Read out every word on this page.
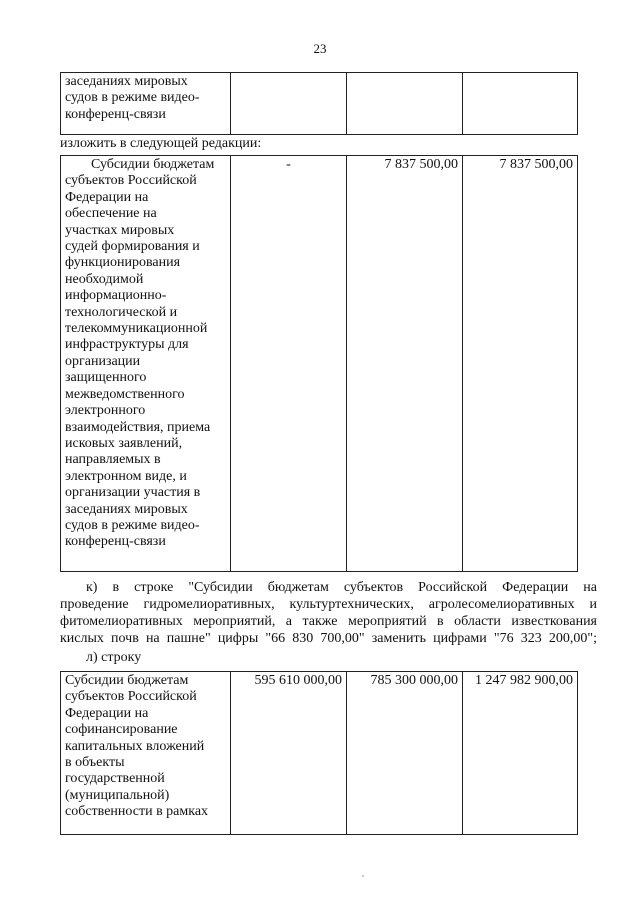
23
заседаниях мировых
судов в режиме видео-
конференц-связи

изложить в следующей редакции:
Субсидии бюджетам
субъектов Российской
Федерации на
обеспечение на
участках мировых
судей формирования и
функционирования
необходимой
информационно-
технологической и
телекоммуникационной
инфраструктуры для
организации
защищенного
межведомственного
электронного
взаимодействия, приема
исковых заявлений,
направляемых в
электронном виде, и
организации участия в
заседаниях мировых
судов в режиме видео-
конференц-связи
	-	7 837 500,00	7 837 500,00
к) в строке "Субсидии бюджетам субъектов Российской Федерации на
проведение гидромелиоративных, культуртехнических, агролесомелиоративных и
фитомелиоративных мероприятий, а также мероприятий в области известкования
кислых почв на пашне" цифры "66 830 700,00" заменить цифрами "76 323 200,00";
л) строку
Субсидии бюджетам
субъектов Российской
Федерации на
софинансирование
капитальных вложений
в объекты
государственной
(муниципальной)
собственности в рамках
	595 610 000,00	785 300 000,00	1 247 982 900,00
